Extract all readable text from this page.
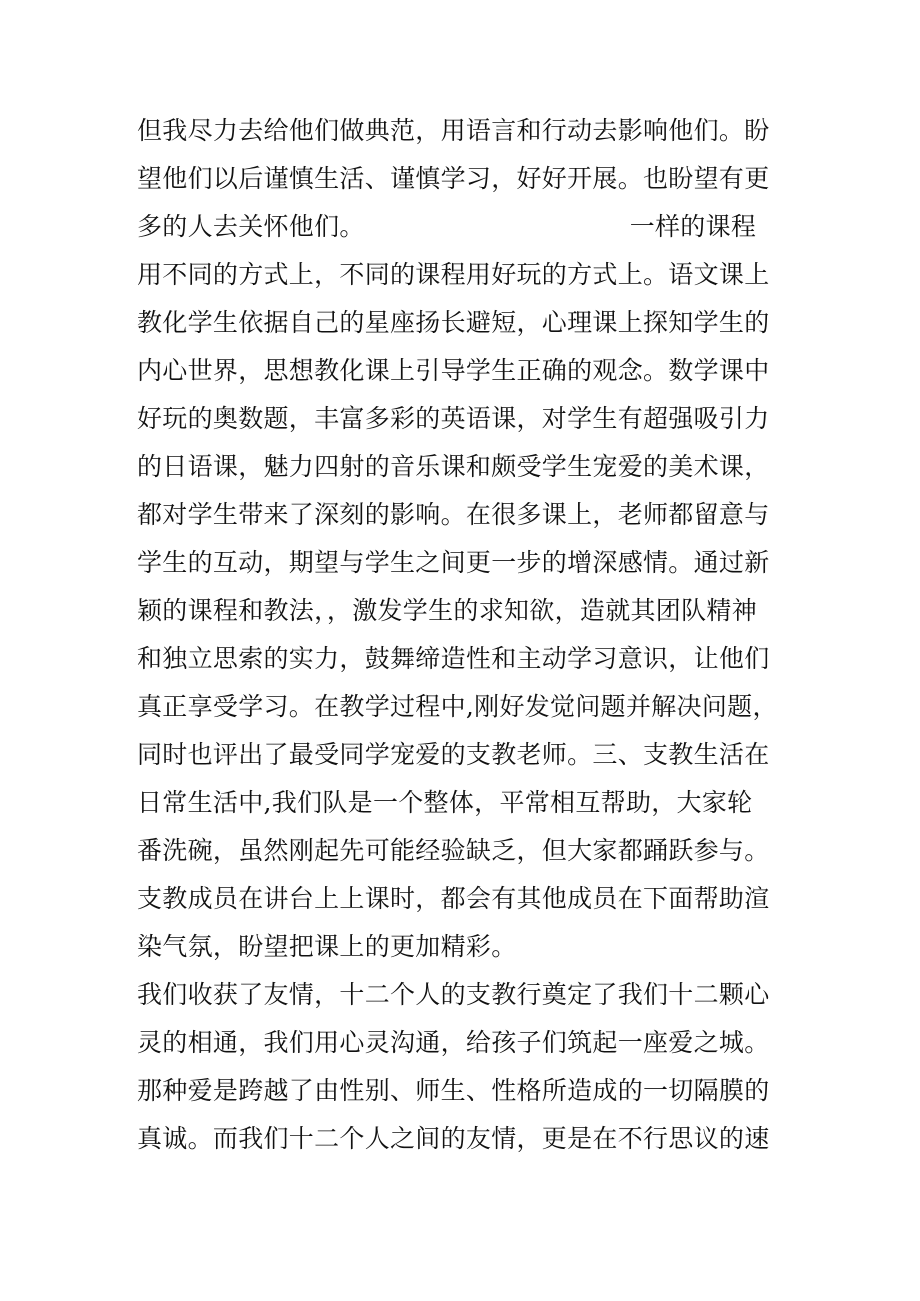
但我尽力去给他们做典范，用语言和行动去影响他们。盼
望他们以后谨慎生活、谨慎学习，好好开展。也盼望有更
多的人去关怀他们。	一样的课程
用不同的方式上，不同的课程用好玩的方式上。语文课上
教化学生依据自己的星座扬长避短，心理课上探知学生的
内心世界，思想教化课上引导学生正确的观念。数学课中
好玩的奥数题，丰富多彩的英语课，对学生有超强吸引力
的日语课，魅力四射的音乐课和颇受学生宠爱的美术课，
都对学生带来了深刻的影响。在很多课上，老师都留意与
学生的互动，期望与学生之间更一步的增深感情。通过新
颖的课程和教法，，激发学生的求知欲，造就其团队精神
和独立思索的实力，鼓舞缔造性和主动学习意识，让他们
真正享受学习。在教学过程中,刚好发觉问题并解决问题，
同时也评出了最受同学宠爱的支教老师。三、支教生活在
日常生活中,我们队是一个整体，平常相互帮助，大家轮
番洗碗，虽然刚起先可能经验缺乏，但大家都踊跃参与。
支教成员在讲台上上课时，都会有其他成员在下面帮助渲
染气氛，盼望把课上的更加精彩。
我们收获了友情，十二个人的支教行奠定了我们十二颗心
灵的相通，我们用心灵沟通，给孩子们筑起一座爱之城。
那种爱是跨越了由性别、师生、性格所造成的一切隔膜的
真诚。而我们十二个人之间的友情，更是在不行思议的速
